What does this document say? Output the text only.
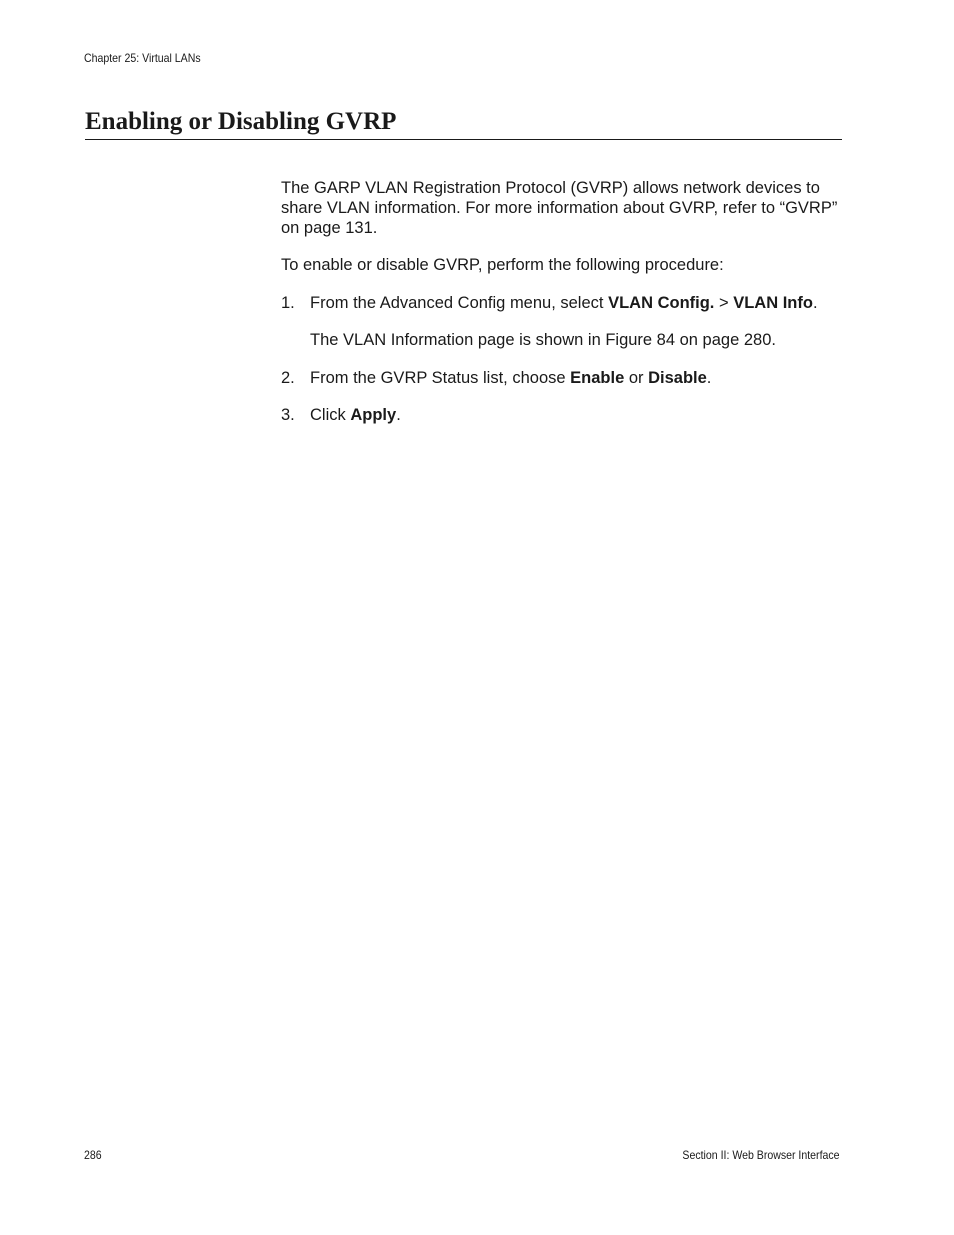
Chapter 25: Virtual LANs
Enabling or Disabling GVRP

The GARP VLAN Registration Protocol (GVRP) allows network devices to share VLAN information. For more information about GVRP, refer to “GVRP” on page 131.

To enable or disable GVRP, perform the following procedure:

1. From the Advanced Config menu, select VLAN Config. > VLAN Info.

The VLAN Information page is shown in Figure 84 on page 280.

2. From the GVRP Status list, choose Enable or Disable.
3. Click Apply.
286	Section II: Web Browser Interface
